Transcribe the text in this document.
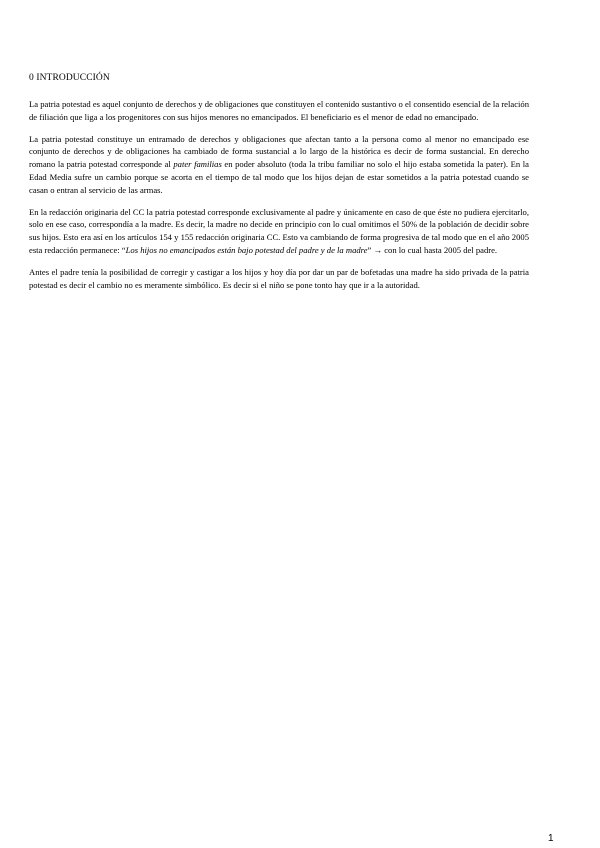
0 INTRODUCCIÓN

La patria potestad es aquel conjunto de derechos y de obligaciones que constituyen el contenido sustantivo o el consentido esencial de la relación de filiación que liga a los progenitores con sus hijos menores no emancipados. El beneficiario es el menor de edad no emancipado.

La patria potestad constituye un entramado de derechos y obligaciones que afectan tanto a la persona como al menor no emancipado ese conjunto de derechos y de obligaciones ha cambiado de forma sustancial a lo largo de la histórica es decir de forma sustancial. En derecho romano la patria potestad corresponde al pater familias en poder absoluto (toda la tribu familiar no solo el hijo estaba sometida la pater). En la Edad Media sufre un cambio porque se acorta en el tiempo de tal modo que los hijos dejan de estar sometidos a la patria potestad cuando se casan o entran al servicio de las armas.

En la redacción originaria del CC la patria potestad corresponde exclusivamente al padre y únicamente en caso de que éste no pudiera ejercitarlo, solo en ese caso, correspondía a la madre. Es decir, la madre no decide en principio con lo cual omitimos el 50% de la población de decidir sobre sus hijos. Esto era así en los artículos 154 y 155 redacción originaria CC. Esto va cambiando de forma progresiva de tal modo que en el año 2005 esta redacción permanece: “Los hijos no emancipados están bajo potestad del padre y de la madre” → con lo cual hasta 2005 del padre.

Antes el padre tenía la posibilidad de corregir y castigar a los hijos y hoy día por dar un par de bofetadas una madre ha sido privada de la patria potestad es decir el cambio no es meramente simbólico. Es decir si el niño se pone tonto hay que ir a la autoridad.

1
